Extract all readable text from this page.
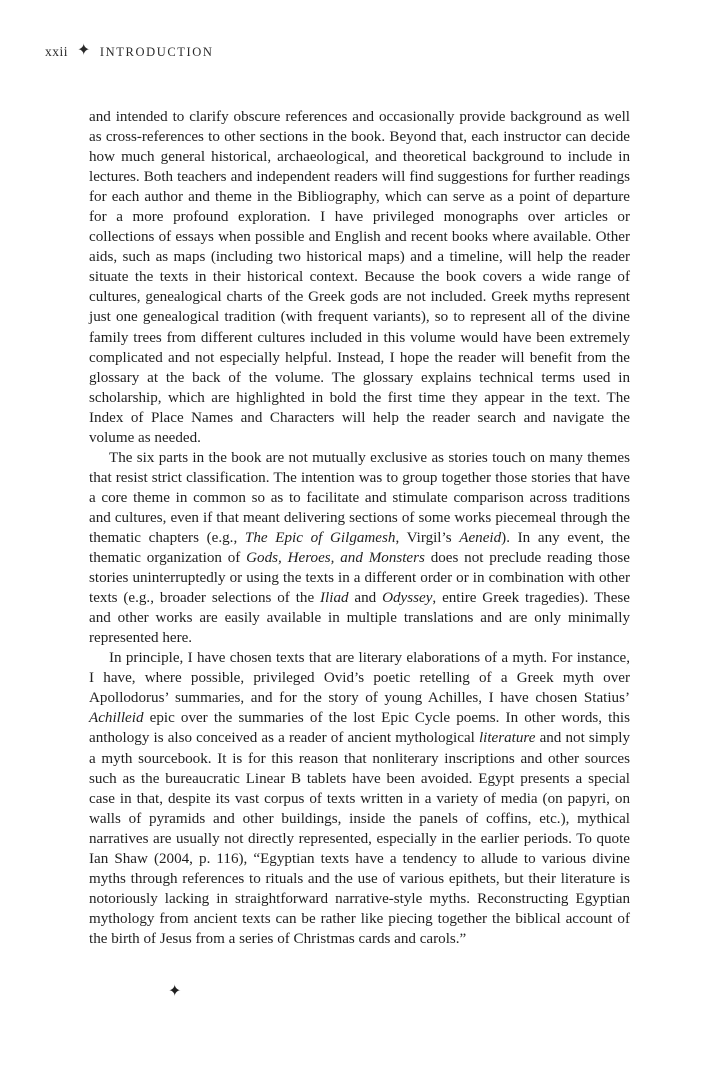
xxii ✦ INTRODUCTION

and intended to clarify obscure references and occasionally provide background as well as cross-references to other sections in the book. Beyond that, each instructor can decide how much general historical, archaeological, and theoretical background to include in lectures. Both teachers and independent readers will find suggestions for further readings for each author and theme in the Bibliography, which can serve as a point of departure for a more profound exploration. I have privileged monographs over articles or collections of essays when possible and English and recent books where available. Other aids, such as maps (including two historical maps) and a timeline, will help the reader situate the texts in their historical context. Because the book covers a wide range of cultures, genealogical charts of the Greek gods are not included. Greek myths represent just one genealogical tradition (with frequent variants), so to represent all of the divine family trees from different cultures included in this volume would have been extremely complicated and not especially helpful. Instead, I hope the reader will benefit from the glossary at the back of the volume. The glossary explains technical terms used in scholarship, which are highlighted in bold the first time they appear in the text. The Index of Place Names and Characters will help the reader search and navigate the volume as needed.

The six parts in the book are not mutually exclusive as stories touch on many themes that resist strict classification. The intention was to group together those stories that have a core theme in common so as to facilitate and stimulate comparison across traditions and cultures, even if that meant delivering sections of some works piecemeal through the thematic chapters (e.g., The Epic of Gilgamesh, Virgil’s Aeneid). In any event, the thematic organization of Gods, Heroes, and Monsters does not preclude reading those stories uninterruptedly or using the texts in a different order or in combination with other texts (e.g., broader selections of the Iliad and Odyssey, entire Greek tragedies). These and other works are easily available in multiple translations and are only minimally represented here.

In principle, I have chosen texts that are literary elaborations of a myth. For instance, I have, where possible, privileged Ovid’s poetic retelling of a Greek myth over Apollodorus’ summaries, and for the story of young Achilles, I have chosen Statius’ Achilleid epic over the summaries of the lost Epic Cycle poems. In other words, this anthology is also conceived as a reader of ancient mythological literature and not simply a myth sourcebook. It is for this reason that nonliterary inscriptions and other sources such as the bureaucratic Linear B tablets have been avoided. Egypt presents a special case in that, despite its vast corpus of texts written in a variety of media (on papyri, on walls of pyramids and other buildings, inside the panels of coffins, etc.), mythical narratives are usually not directly represented, especially in the earlier periods. To quote Ian Shaw (2004, p. 116), “Egyptian texts have a tendency to allude to various divine myths through references to rituals and the use of various epithets, but their literature is notoriously lacking in straightforward narrative-style myths. Reconstructing Egyptian mythology from ancient texts can be rather like piecing together the biblical account of the birth of Jesus from a series of Christmas cards and carols.”

✦
